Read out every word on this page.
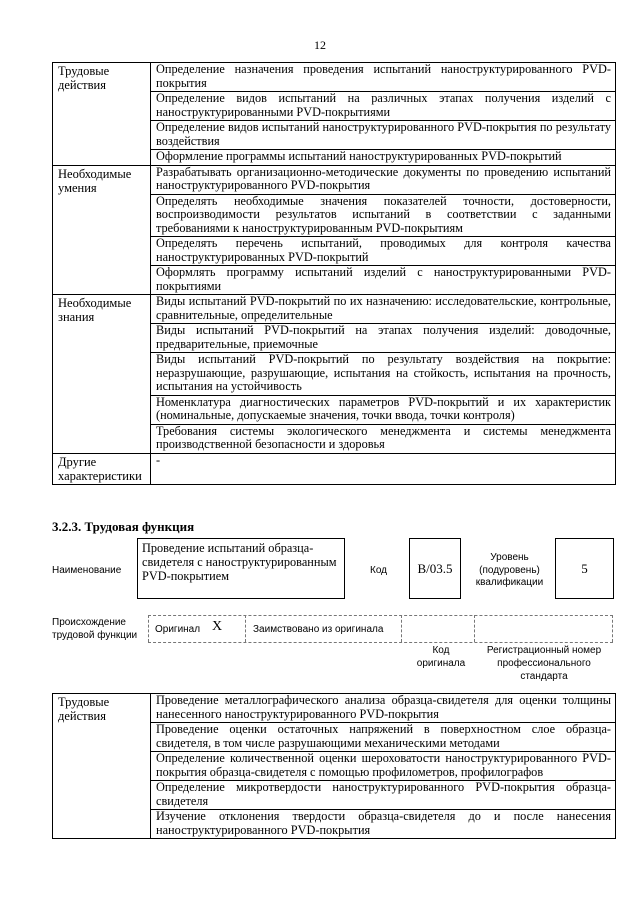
12
Трудовые действия	Определение назначения проведения испытаний наноструктурированного PVD-покрытия
	Определение видов испытаний на различных этапах получения изделий с наноструктурированными PVD-покрытиями
	Определение видов испытаний наноструктурированного PVD-покрытия по результату воздействия
	Оформление программы испытаний наноструктурированных PVD-покрытий
Необходимые умения	Разрабатывать организационно-методические документы по проведению испытаний наноструктурированного PVD-покрытия
	Определять необходимые значения показателей точности, достоверности, воспроизводимости результатов испытаний в соответствии с заданными требованиями к наноструктурированным PVD-покрытиям
	Определять перечень испытаний, проводимых для контроля качества наноструктурированных PVD-покрытий
	Оформлять программу испытаний изделий с наноструктурированными PVD-покрытиями
Необходимые знания	Виды испытаний PVD-покрытий по их назначению: исследовательские, контрольные, сравнительные, определительные
	Виды испытаний PVD-покрытий на этапах получения изделий: доводочные, предварительные, приемочные
	Виды испытаний PVD-покрытий по результату воздействия на покрытие: неразрушающие, разрушающие, испытания на стойкость, испытания на прочность, испытания на устойчивость
	Номенклатура диагностических параметров PVD-покрытий и их характеристик (номинальные, допускаемые значения, точки ввода, точки контроля)
	Требования системы экологического менеджмента и системы менеджмента производственной безопасности и здоровья
Другие характеристики	-
3.2.3. Трудовая функция
Наименование
Проведение испытаний образца-свидетеля с наноструктурированным PVD-покрытием	Код B/03.5
Уровень (подуровень) квалификации
5
Происхождение трудовой функции	Оригинал X	Заимствовано из оригинала
Код оригинала
Регистрационный номер профессионального стандарта
Трудовые действия	Проведение металлографического анализа образца-свидетеля для оценки толщины нанесенного наноструктурированного PVD-покрытия
Проведение оценки остаточных напряжений в поверхностном слое образца-свидетеля, в том числе разрушающими механическими методами
Определение количественной оценки шероховатости наноструктурированного PVD-покрытия образца-свидетеля с помощью профилометров, профилографов
Определение микротвердости наноструктурированного PVD-покрытия образца-свидетеля
Изучение отклонения твердости образца-свидетеля до и после нанесения наноструктурированного PVD-покрытия
